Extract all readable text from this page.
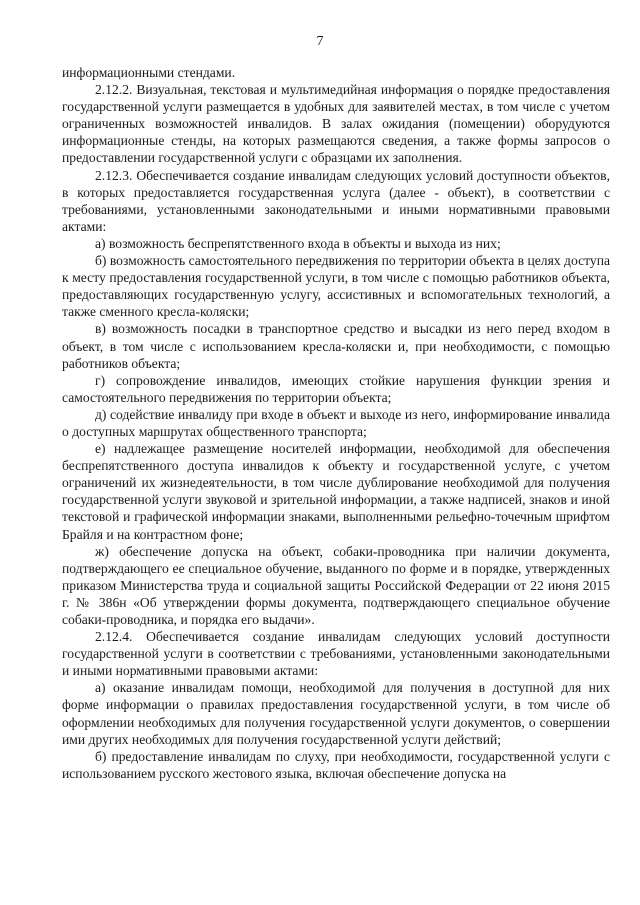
7

информационными стендами.

2.12.2. Визуальная, текстовая и мультимедийная информация о порядке предоставления государственной услуги размещается в удобных для заявителей местах, в том числе с учетом ограниченных возможностей инвалидов. В залах ожидания (помещении) оборудуются информационные стенды, на которых размещаются сведения, а также формы запросов о предоставлении государственной услуги с образцами их заполнения.

2.12.3. Обеспечивается создание инвалидам следующих условий доступности объектов, в которых предоставляется государственная услуга (далее - объект), в соответствии с требованиями, установленными законодательными и иными нормативными правовыми актами:

а) возможность беспрепятственного входа в объекты и выхода из них;

б) возможность самостоятельного передвижения по территории объекта в целях доступа к месту предоставления государственной услуги, в том числе с помощью работников объекта, предоставляющих государственную услугу, ассистивных и вспомогательных технологий, а также сменного кресла-коляски;

в) возможность посадки в транспортное средство и высадки из него перед входом в объект, в том числе с использованием кресла-коляски и, при необходимости, с помощью работников объекта;

г) сопровождение инвалидов, имеющих стойкие нарушения функции зрения и самостоятельного передвижения по территории объекта;

д) содействие инвалиду при входе в объект и выходе из него, информирование инвалида о доступных маршрутах общественного транспорта;

е) надлежащее размещение носителей информации, необходимой для обеспечения беспрепятственного доступа инвалидов к объекту и государственной услуге, с учетом ограничений их жизнедеятельности, в том числе дублирование необходимой для получения государственной услуги звуковой и зрительной информации, а также надписей, знаков и иной текстовой и графической информации знаками, выполненными рельефно-точечным шрифтом Брайля и на контрастном фоне;

ж) обеспечение допуска на объект, собаки-проводника при наличии документа, подтверждающего ее специальное обучение, выданного по форме и в порядке, утвержденных приказом Министерства труда и социальной защиты Российской Федерации от 22 июня 2015 г. № 386н «Об утверждении формы документа, подтверждающего специальное обучение собаки-проводника, и порядка его выдачи».

2.12.4. Обеспечивается создание инвалидам следующих условий доступности государственной услуги в соответствии с требованиями, установленными законодательными и иными нормативными правовыми актами:

а) оказание инвалидам помощи, необходимой для получения в доступной для них форме информации о правилах предоставления государственной услуги, в том числе об оформлении необходимых для получения государственной услуги документов, о совершении ими других необходимых для получения государственной услуги действий;

б) предоставление инвалидам по слуху, при необходимости, государственной услуги с использованием русского жестового языка, включая обеспечение допуска на
